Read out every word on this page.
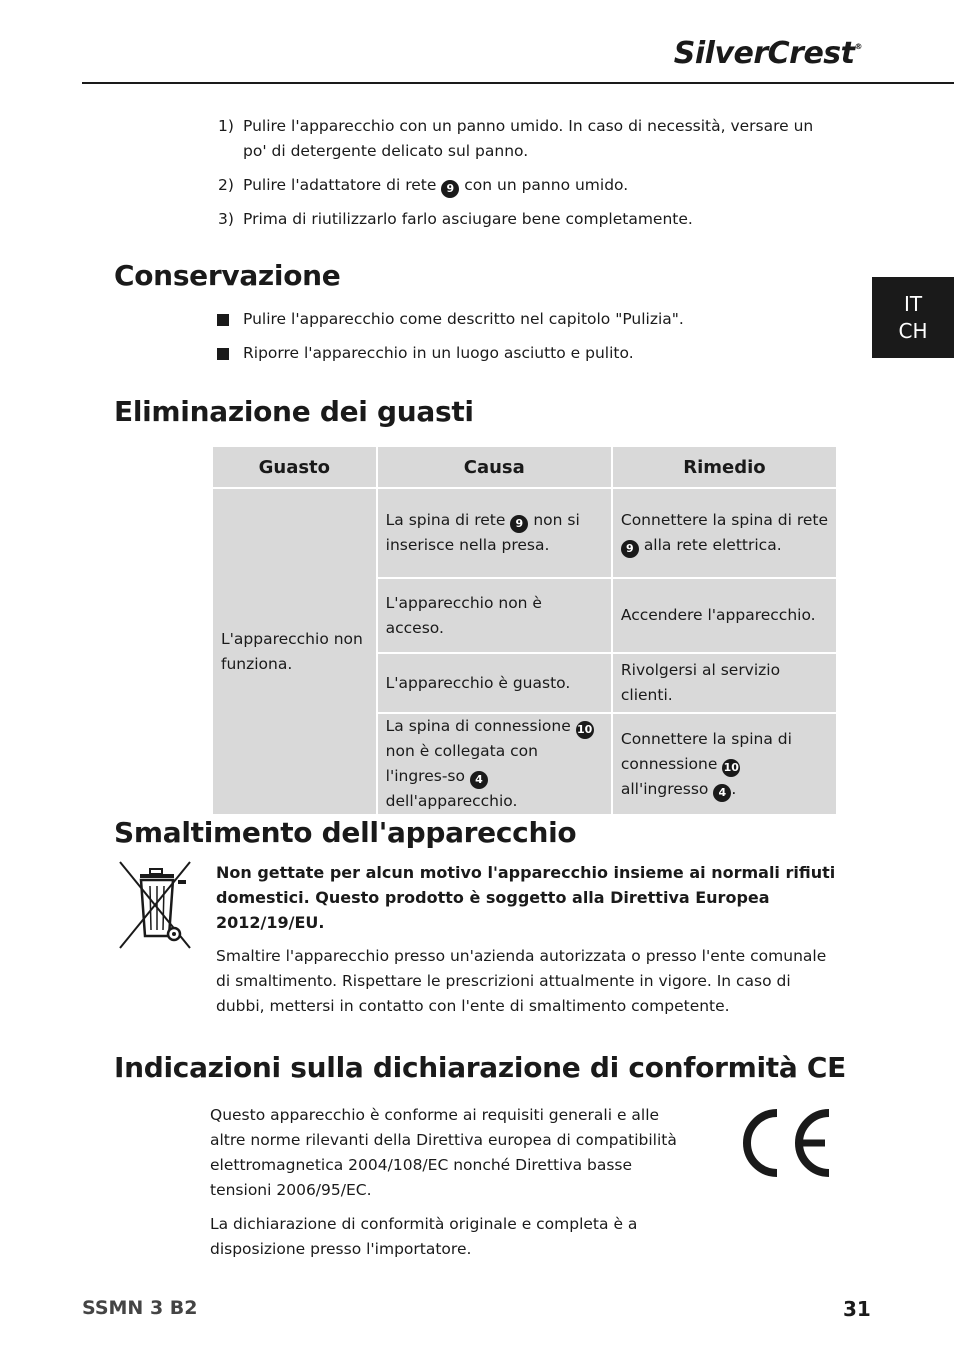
SilverCrest®
IT
CH
1) Pulire l'apparecchio con un panno umido. In caso di necessità, versare un po' di detergente delicato sul panno.
2) Pulire l'adattatore di rete 9 con un panno umido.
3) Prima di riutilizzarlo farlo asciugare bene completamente.
Conservazione
Pulire l'apparecchio come descritto nel capitolo "Pulizia".
Riporre l'apparecchio in un luogo asciutto e pulito.
Eliminazione dei guasti
Guasto	Causa	Rimedio
L'apparecchio non funziona.	La spina di rete 9 non si inserisce nella presa.	Connettere la spina di rete 9 alla rete elettrica.
	L'apparecchio non è acceso.	Accendere l'apparecchio.
	L'apparecchio è guasto.	Rivolgersi al servizio clienti.
	La spina di connessione 10 non è collegata con l'ingres-so 4 dell'apparecchio.	Connettere la spina di connessione 10
all'ingresso 4 .
Smaltimento dell'apparecchio
Non gettate per alcun motivo l'apparecchio insieme ai normali rifiuti domestici. Questo prodotto è soggetto alla Direttiva Europea 2012/19/EU.
Smaltire l'apparecchio presso un'azienda autorizzata o presso l'ente comunale di smaltimento. Rispettare le prescrizioni attualmente in vigore. In caso di dubbi, mettersi in contatto con l'ente di smaltimento competente.
Indicazioni sulla dichiarazione di conformità CE

Questo apparecchio è conforme ai requisiti generali e alle altre norme rilevanti della Direttiva europea di compatibilità elettromagnetica 2004/108/EC nonché Direttiva basse tensioni 2006/95/EC.

La dichiarazione di conformità originale e completa è a disposizione presso l'importatore.

SSMN 3 B2	31
